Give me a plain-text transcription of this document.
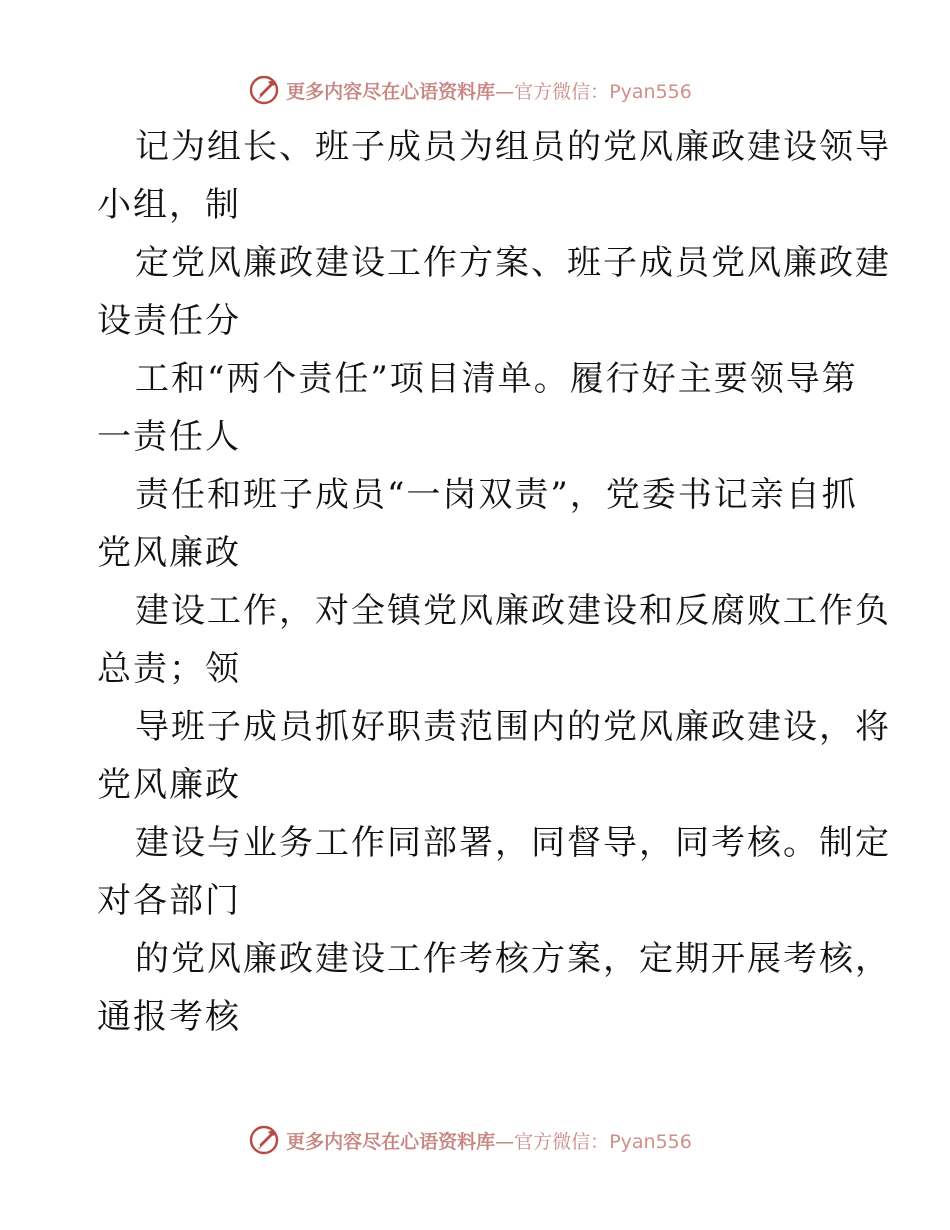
更多内容尽在心语资料库—官方微信：Pyan556
记为组长、班子成员为组员的党风廉政建设领导
小组，制
定党风廉政建设工作方案、班子成员党风廉政建
设责任分
工和“两个责任”项目清单。履行好主要领导第
一责任人
责任和班子成员“一岗双责”，党委书记亲自抓
党风廉政
建设工作，对全镇党风廉政建设和反腐败工作负
总责；领
导班子成员抓好职责范围内的党风廉政建设，将
党风廉政
建设与业务工作同部署，同督导，同考核。制定
对各部门
的党风廉政建设工作考核方案，定期开展考核，
通报考核
更多内容尽在心语资料库—官方微信：Pyan556
